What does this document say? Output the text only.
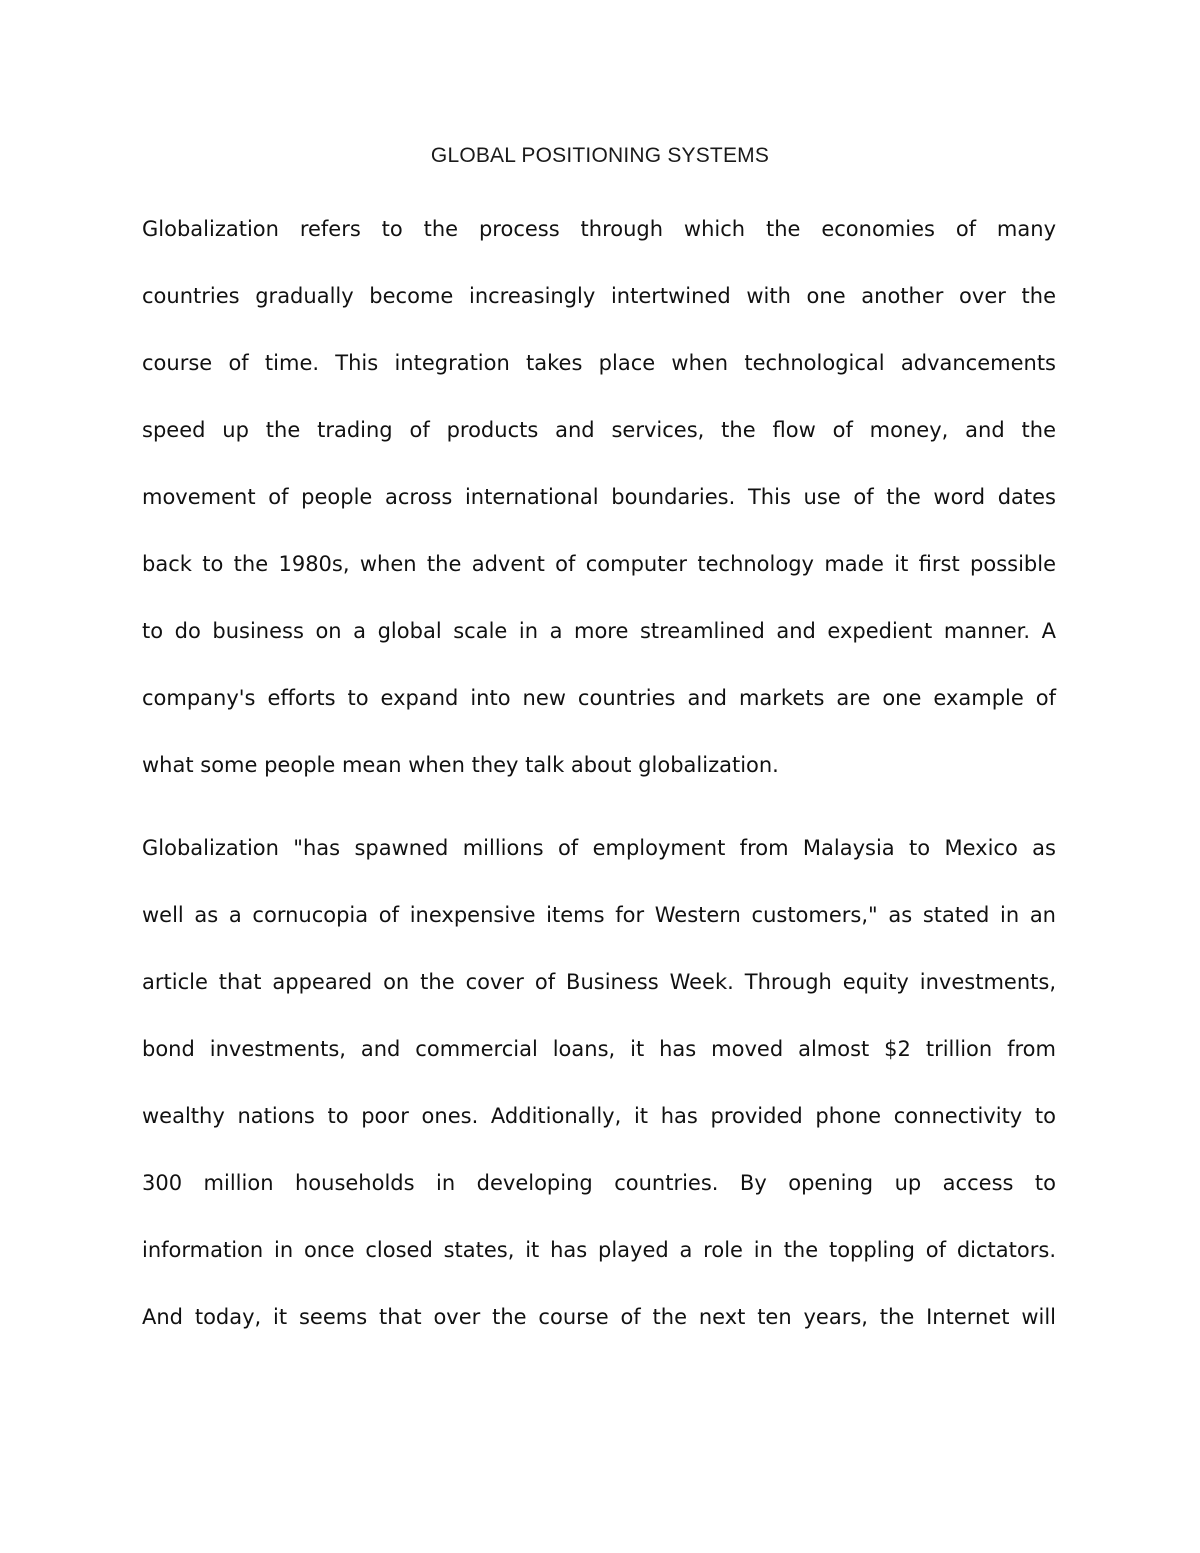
GLOBAL POSITIONING SYSTEMS
Globalization refers to the process through which the economies of many
countries gradually become increasingly intertwined with one another over the
course of time. This integration takes place when technological advancements
speed up the trading of products and services, the flow of money, and the
movement of people across international boundaries. This use of the word dates
back to the 1980s, when the advent of computer technology made it first possible
to do business on a global scale in a more streamlined and expedient manner. A
company's efforts to expand into new countries and markets are one example of
what some people mean when they talk about globalization.
Globalization "has spawned millions of employment from Malaysia to Mexico as
well as a cornucopia of inexpensive items for Western customers," as stated in an
article that appeared on the cover of Business Week. Through equity investments,
bond investments, and commercial loans, it has moved almost $2 trillion from
wealthy nations to poor ones. Additionally, it has provided phone connectivity to
300 million households in developing countries. By opening up access to
information in once closed states, it has played a role in the toppling of dictators.
And today, it seems that over the course of the next ten years, the Internet will
